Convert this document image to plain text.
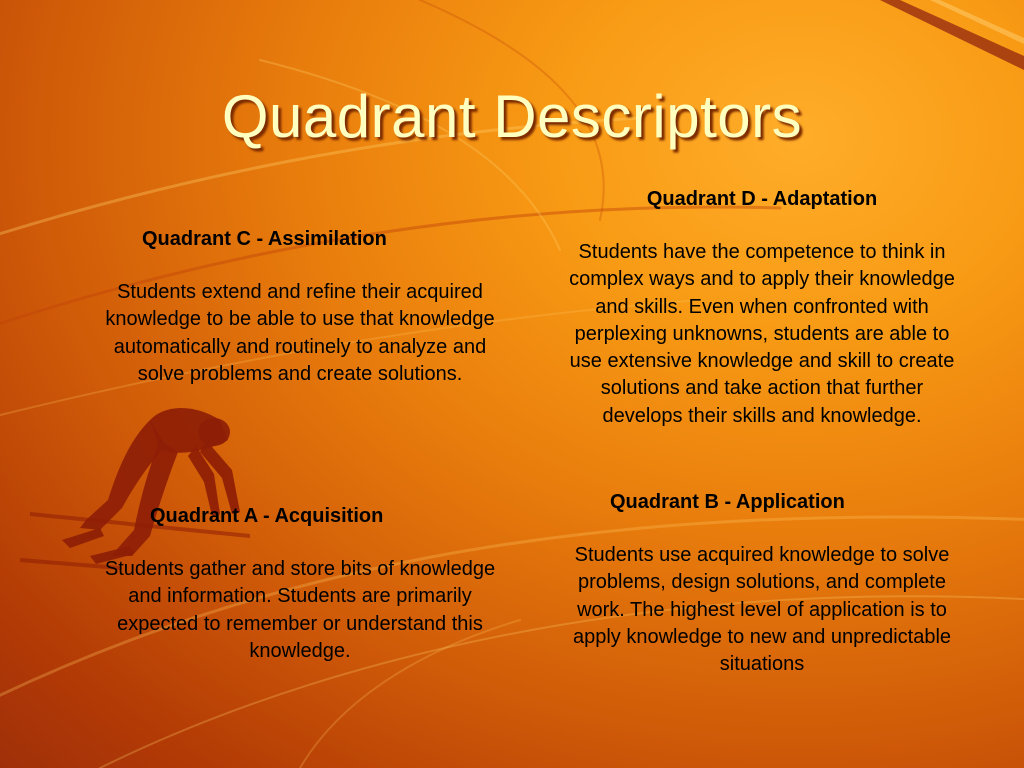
Quadrant Descriptors

Quadrant C - Assimilation

Students extend and refine their acquired knowledge to be able to use that knowledge automatically and routinely to analyze and solve problems and create solutions.

Quadrant D - Adaptation

Students have the competence to think in complex ways and to apply their knowledge and skills. Even when confronted with perplexing unknowns, students are able to use extensive knowledge and skill to create solutions and take action that further develops their skills and knowledge.

Quadrant A - Acquisition

Students gather and store bits of knowledge and information. Students are primarily expected to remember or understand this knowledge.

Quadrant B - Application

Students use acquired knowledge to solve problems, design solutions, and complete work. The highest level of application is to apply knowledge to new and unpredictable situations
